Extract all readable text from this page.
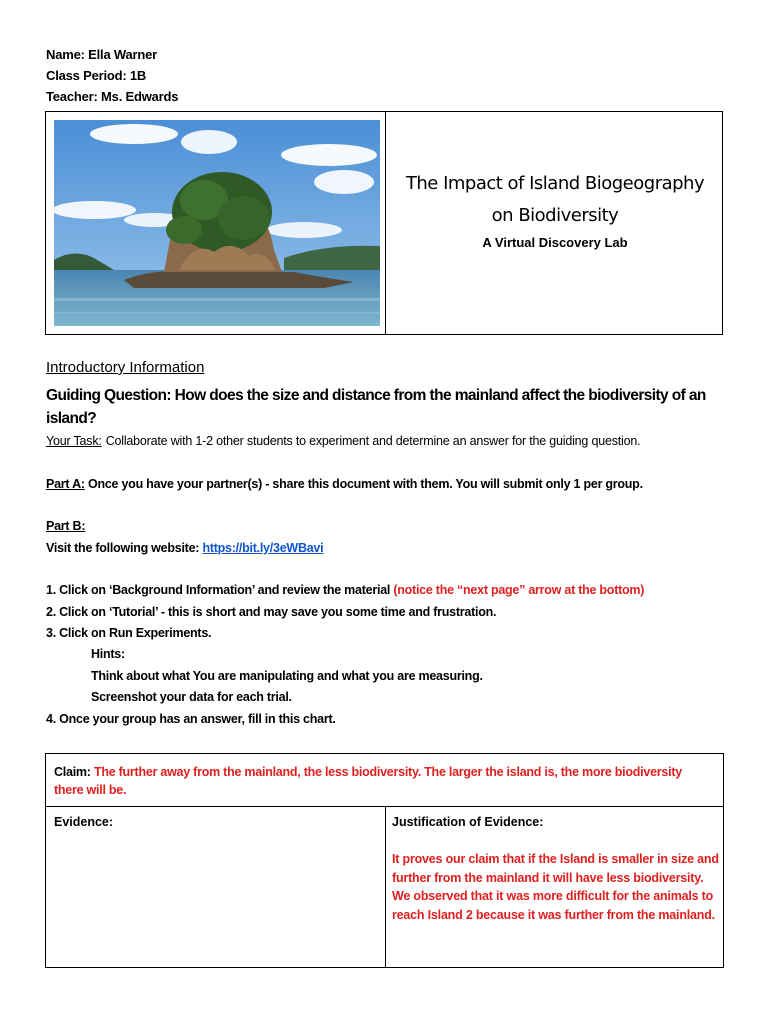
Name: Ella Warner
Class Period: 1B
Teacher: Ms. Edwards
The Impact of Island Biogeography
on Biodiversity
A Virtual Discovery Lab
Introductory Information
Guiding Question: How does the size and distance from the mainland affect the biodiversity of an island?
Your Task: Collaborate with 1-2 other students to experiment and determine an answer for the guiding question.
Part A: Once you have your partner(s) - share this document with them. You will submit only 1 per group.
Part B:
Visit the following website: https://bit.ly/3eWBavi
1. Click on ‘Background Information’ and review the material (notice the “next page” arrow at the bottom)
2. Click on ‘Tutorial’ - this is short and may save you some time and frustration.
3. Click on Run Experiments.
Hints:
Think about what You are manipulating and what you are measuring.
Screenshot your data for each trial.
4. Once your group has an answer, fill in this chart.
Claim: The further away from the mainland, the less biodiversity. The larger the island is, the more biodiversity there will be.
Evidence:	Justification of Evidence:
It proves our claim that if the Island is smaller in size and further from the mainland it will have less biodiversity. We observed that it was more difficult for the animals to reach Island 2 because it was further from the mainland.
